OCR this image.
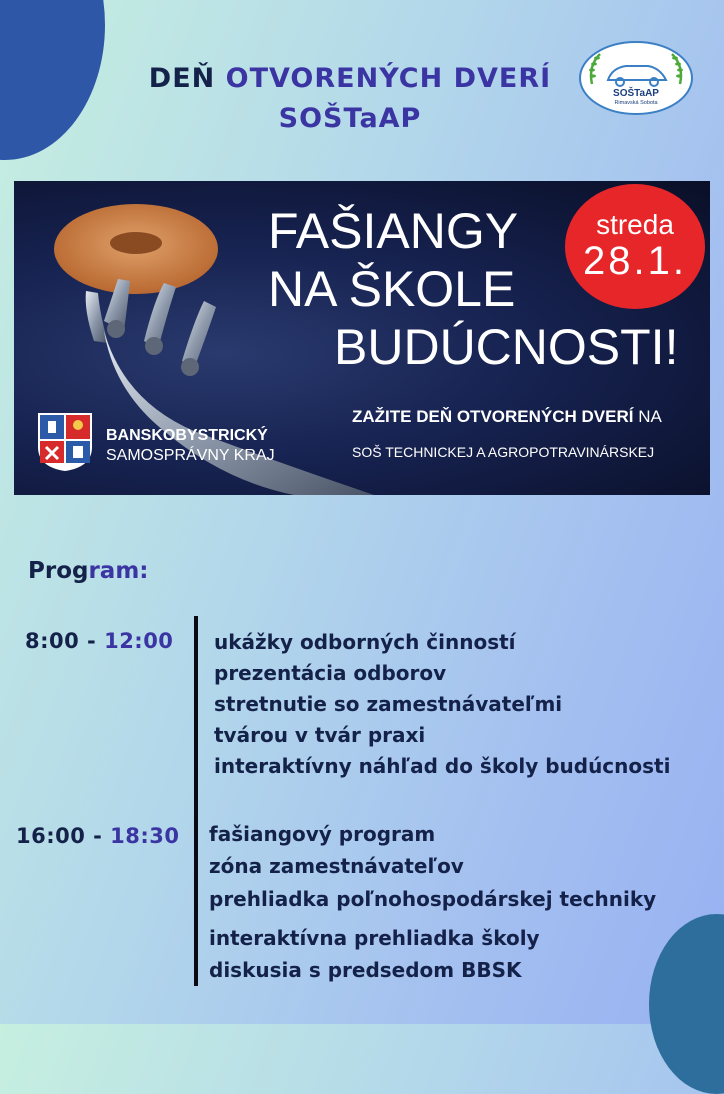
DEŇ OTVORENÝCH DVERÍ
SOŠTaAP
SOŠTaAP
Rimavská Sobota
FAŠIANGY
NA ŠKOLE
BUDÚCNOSTI!
streda
28.1.
ZAŽITE DEŇ OTVORENÝCH DVERÍ NA
SOŠ TECHNICKEJ A AGROPOTRAVINÁRSKEJ
BANSKOBYSTRICKÝ
SAMOSPRÁVNY KRAJ
Program:
8:00 - 12:00 ukážky odborných činností
prezentácia odborov
stretnutie so zamestnávateľmi
tvárou v tvár praxi
interaktívny náhľad do školy budúcnosti
16:00 - 18:30 fašiangový program
zóna zamestnávateľov
prehliadka poľnohospodárskej techniky
interaktívna prehliadka školy
diskusia s predsedom BBSK
